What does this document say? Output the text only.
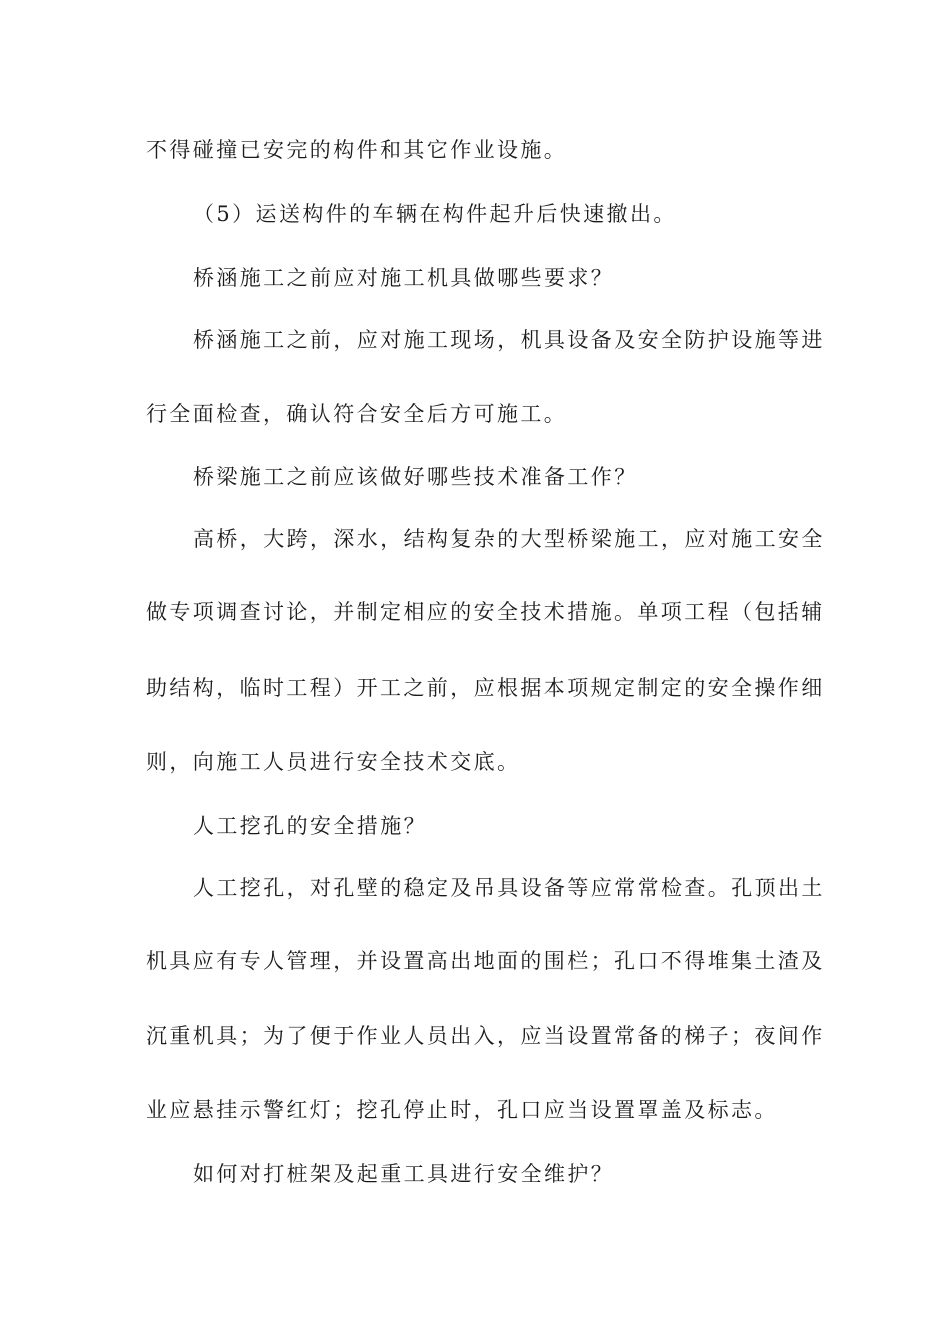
不得碰撞已安完的构件和其它作业设施。
（5）运送构件的车辆在构件起升后快速撤出。
桥涵施工之前应对施工机具做哪些要求？
桥涵施工之前，应对施工现场，机具设备及安全防护设施等进
行全面检查，确认符合安全后方可施工。
桥梁施工之前应该做好哪些技术准备工作？
高桥，大跨，深水，结构复杂的大型桥梁施工，应对施工安全
做专项调查讨论，并制定相应的安全技术措施。单项工程（包括辅
助结构，临时工程）开工之前，应根据本项规定制定的安全操作细
则，向施工人员进行安全技术交底。
人工挖孔的安全措施？
人工挖孔，对孔壁的稳定及吊具设备等应常常检查。孔顶出土
机具应有专人管理，并设置高出地面的围栏；孔口不得堆集土渣及
沉重机具；为了便于作业人员出入，应当设置常备的梯子；夜间作
业应悬挂示警红灯；挖孔停止时，孔口应当设置罩盖及标志。
如何对打桩架及起重工具进行安全维护？
